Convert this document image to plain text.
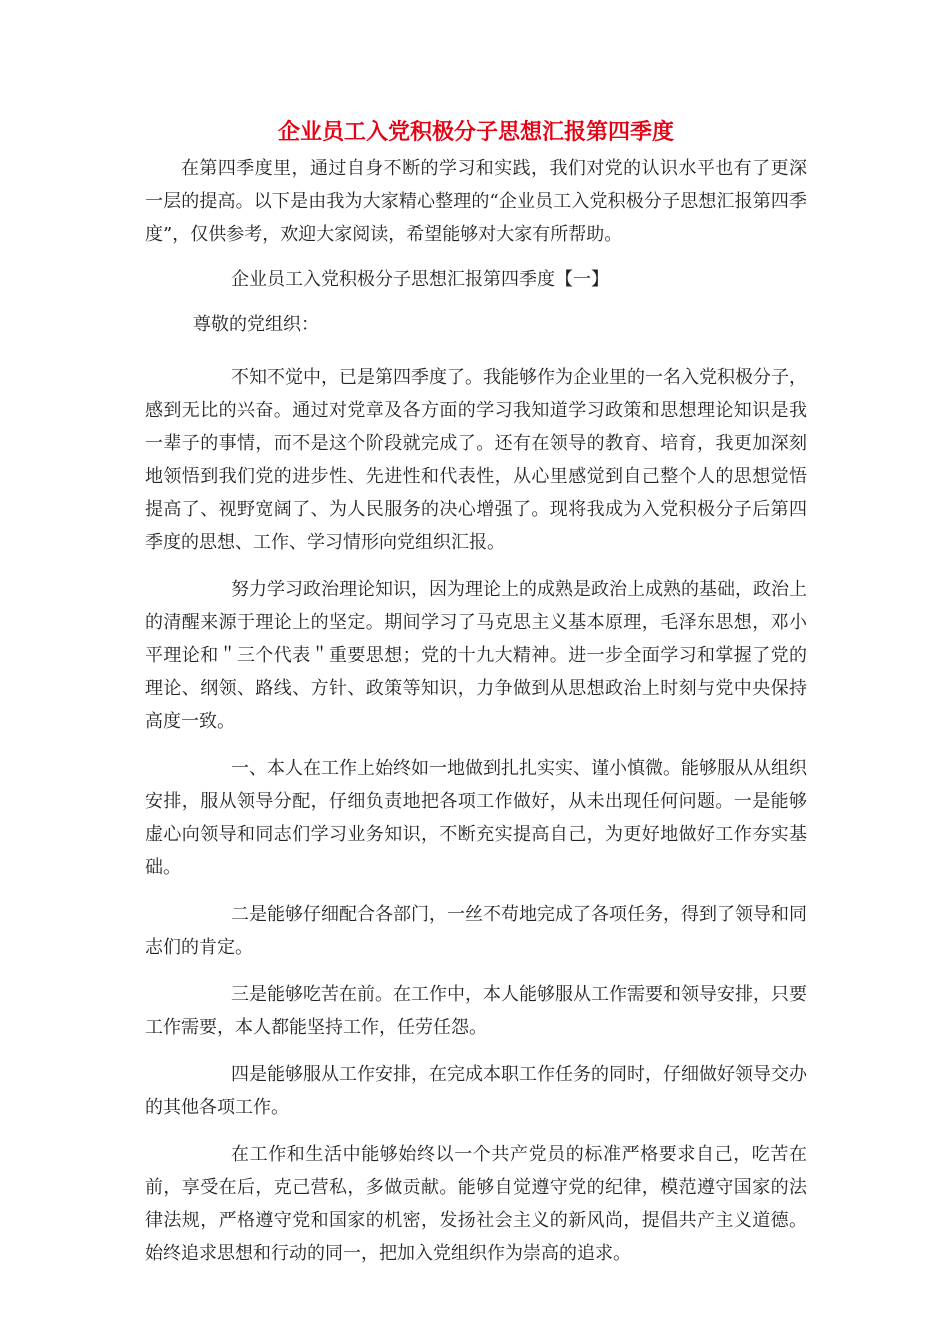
企业员工入党积极分子思想汇报第四季度

在第四季度里，通过自身不断的学习和实践，我们对党的认识水平也有了更深一层的提高。以下是由我为大家精心整理的“企业员工入党积极分子思想汇报第四季度”，仅供参考，欢迎大家阅读，希望能够对大家有所帮助。

企业员工入党积极分子思想汇报第四季度【一】

尊敬的党组织：

不知不觉中，已是第四季度了。我能够作为企业里的一名入党积极分子，感到无比的兴奋。通过对党章及各方面的学习我知道学习政策和思想理论知识是我一辈子的事情，而不是这个阶段就完成了。还有在领导的教育、培育，我更加深刻地领悟到我们党的进步性、先进性和代表性，从心里感觉到自己整个人的思想觉悟提高了、视野宽阔了、为人民服务的决心增强了。现将我成为入党积极分子后第四季度的思想、工作、学习情形向党组织汇报。

努力学习政治理论知识，因为理论上的成熟是政治上成熟的基础，政治上的清醒来源于理论上的坚定。期间学习了马克思主义基本原理，毛泽东思想，邓小平理论和＂三个代表＂重要思想；党的十九大精神。进一步全面学习和掌握了党的理论、纲领、路线、方针、政策等知识，力争做到从思想政治上时刻与党中央保持高度一致。

一、本人在工作上始终如一地做到扎扎实实、谨小慎微。能够服从从组织安排，服从领导分配，仔细负责地把各项工作做好，从未出现任何问题。一是能够虚心向领导和同志们学习业务知识，不断充实提高自己，为更好地做好工作夯实基础。

二是能够仔细配合各部门，一丝不苟地完成了各项任务，得到了领导和同志们的肯定。

三是能够吃苦在前。在工作中，本人能够服从工作需要和领导安排，只要工作需要，本人都能坚持工作，任劳任怨。

四是能够服从工作安排，在完成本职工作任务的同时，仔细做好领导交办的其他各项工作。

在工作和生活中能够始终以一个共产党员的标准严格要求自己，吃苦在前，享受在后，克己营私，多做贡献。能够自觉遵守党的纪律，模范遵守国家的法律法规，严格遵守党和国家的机密，发扬社会主义的新风尚，提倡共产主义道德。始终追求思想和行动的同一，把加入党组织作为崇高的追求。
